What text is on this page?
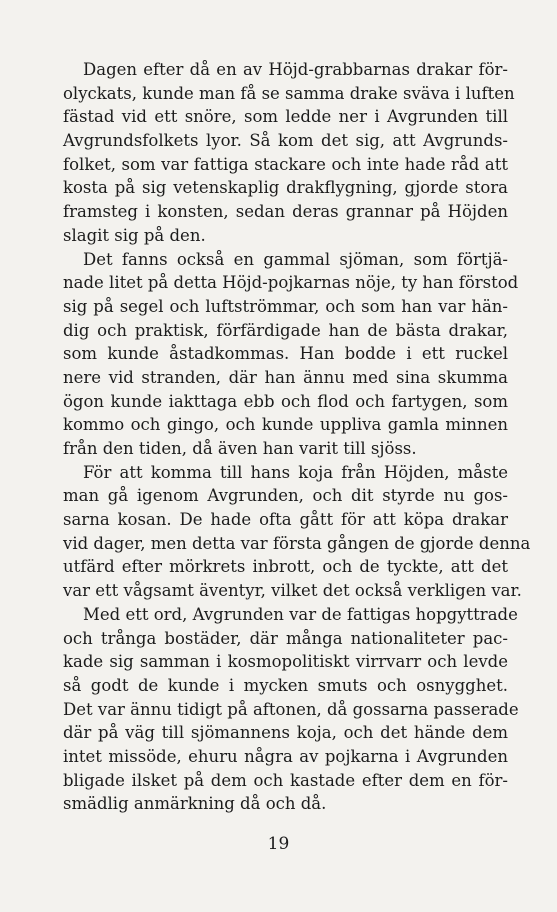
Dagen efter då en av Höjd-grabbarnas drakar för-
olyckats, kunde man få se samma drake sväva i luften
fästad vid ett snöre, som ledde ner i Avgrunden till
Avgrundsfolkets lyor. Så kom det sig, att Avgrunds-
folket, som var fattiga stackare och inte hade råd att
kosta på sig vetenskaplig drakflygning, gjorde stora
framsteg i konsten, sedan deras grannar på Höjden
slagit sig på den.
Det fanns också en gammal sjöman, som förtjä-
nade litet på detta Höjd-pojkarnas nöje, ty han förstod
sig på segel och luftströmmar, och som han var hän-
dig och praktisk, förfärdigade han de bästa drakar,
som kunde åstadkommas. Han bodde i ett ruckel
nere vid stranden, där han ännu med sina skumma
ögon kunde iakttaga ebb och flod och fartygen, som
kommo och gingo, och kunde uppliva gamla minnen
från den tiden, då även han varit till sjöss.
För att komma till hans koja från Höjden, måste
man gå igenom Avgrunden, och dit styrde nu gos-
sarna kosan. De hade ofta gått för att köpa drakar
vid dager, men detta var första gången de gjorde denna
utfärd efter mörkrets inbrott, och de tyckte, att det
var ett vågsamt äventyr, vilket det också verkligen var.
Med ett ord, Avgrunden var de fattigas hopgyttrade
och trånga bostäder, där många nationaliteter pac-
kade sig samman i kosmopolitiskt virrvarr och levde
så godt de kunde i mycken smuts och osnygghet.
Det var ännu tidigt på aftonen, då gossarna passerade
där på väg till sjömannens koja, och det hände dem
intet missöde, ehuru några av pojkarna i Avgrunden
bligade ilsket på dem och kastade efter dem en för-
smädlig anmärkning då och då.
19
